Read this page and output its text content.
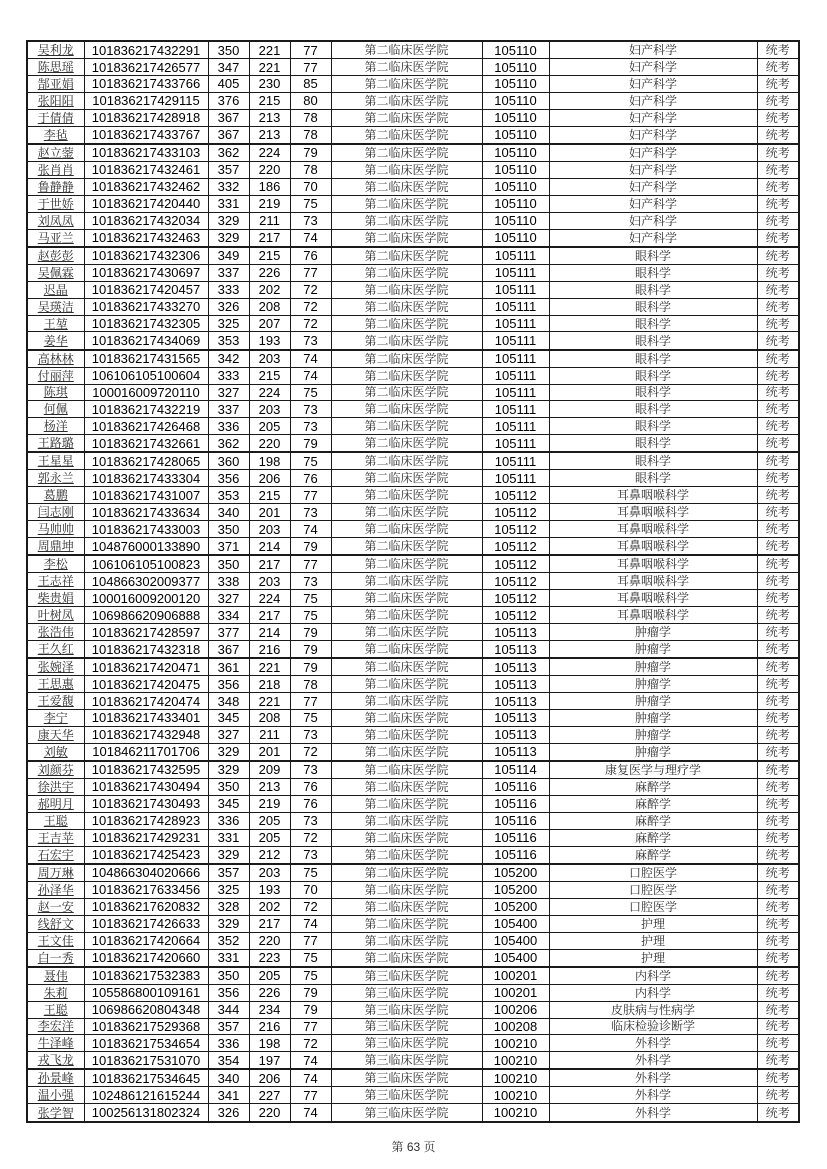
吴利龙	101836217432291	350	221	77	第二临床医学院	105110	妇产科学	统考
陈思瑶	101836217426577	347	221	77	第二临床医学院	105110	妇产科学	统考
郜亚娟	101836217433766	405	230	85	第二临床医学院	105110	妇产科学	统考
张阳阳	101836217429115	376	215	80	第二临床医学院	105110	妇产科学	统考
于倩倩	101836217428918	367	213	78	第二临床医学院	105110	妇产科学	统考
李毡	101836217433767	367	213	78	第二临床医学院	105110	妇产科学	统考
赵立蓥	101836217433103	362	224	79	第二临床医学院	105110	妇产科学	统考
张肖肖	101836217432461	357	220	78	第二临床医学院	105110	妇产科学	统考
鲁静静	101836217432462	332	186	70	第二临床医学院	105110	妇产科学	统考
于世娇	101836217420440	331	219	75	第二临床医学院	105110	妇产科学	统考
刘凤凤	101836217432034	329	211	73	第二临床医学院	105110	妇产科学	统考
马亚兰	101836217432463	329	217	74	第二临床医学院	105110	妇产科学	统考
赵彭彭	101836217432306	349	215	76	第二临床医学院	105111	眼科学	统考
吴佩霖	101836217430697	337	226	77	第二临床医学院	105111	眼科学	统考
迟晶	101836217420457	333	202	72	第二临床医学院	105111	眼科学	统考
吴瑛洁	101836217433270	326	208	72	第二临床医学院	105111	眼科学	统考
王堃	101836217432305	325	207	72	第二临床医学院	105111	眼科学	统考
姜华	101836217434069	353	193	73	第二临床医学院	105111	眼科学	统考
高林林	101836217431565	342	203	74	第二临床医学院	105111	眼科学	统考
付丽萍	106106105100604	333	215	74	第二临床医学院	105111	眼科学	统考
陈琪	100016009720110	327	224	75	第二临床医学院	105111	眼科学	统考
何佩	101836217432219	337	203	73	第二临床医学院	105111	眼科学	统考
杨洋	101836217426468	336	205	73	第二临床医学院	105111	眼科学	统考
王路璐	101836217432661	362	220	79	第二临床医学院	105111	眼科学	统考
王星星	101836217428065	360	198	75	第二临床医学院	105111	眼科学	统考
郭永兰	101836217433304	356	206	76	第二临床医学院	105111	眼科学	统考
葛鹏	101836217431007	353	215	77	第二临床医学院	105112	耳鼻咽喉科学	统考
闫志刚	101836217433634	340	201	73	第二临床医学院	105112	耳鼻咽喉科学	统考
马帅帅	101836217433003	350	203	74	第二临床医学院	105112	耳鼻咽喉科学	统考
周鼎坤	104876000133890	371	214	79	第二临床医学院	105112	耳鼻咽喉科学	统考
李松	106106105100823	350	217	77	第二临床医学院	105112	耳鼻咽喉科学	统考
王志祥	104866302009377	338	203	73	第二临床医学院	105112	耳鼻咽喉科学	统考
柴贵娟	100016009200120	327	224	75	第二临床医学院	105112	耳鼻咽喉科学	统考
叶树凤	106986620906888	334	217	75	第二临床医学院	105112	耳鼻咽喉科学	统考
张浩伟	101836217428597	377	214	79	第二临床医学院	105113	肿瘤学	统考
王久红	101836217432318	367	216	79	第二临床医学院	105113	肿瘤学	统考
张婉泽	101836217420471	361	221	79	第二临床医学院	105113	肿瘤学	统考
王思惠	101836217420475	356	218	78	第二临床医学院	105113	肿瘤学	统考
王爱馥	101836217420474	348	221	77	第二临床医学院	105113	肿瘤学	统考
李宁	101836217433401	345	208	75	第二临床医学院	105113	肿瘤学	统考
康天华	101836217432948	327	211	73	第二临床医学院	105113	肿瘤学	统考
刘敏	101846211701706	329	201	72	第二临床医学院	105113	肿瘤学	统考
刘颜芬	101836217432595	329	209	73	第二临床医学院	105114	康复医学与理疗学	统考
徐洪宇	101836217430494	350	213	76	第二临床医学院	105116	麻醉学	统考
郝明月	101836217430493	345	219	76	第二临床医学院	105116	麻醉学	统考
王聪	101836217428923	336	205	73	第二临床医学院	105116	麻醉学	统考
王吉苹	101836217429231	331	205	72	第二临床医学院	105116	麻醉学	统考
石宏宇	101836217425423	329	212	73	第二临床医学院	105116	麻醉学	统考
周万琳	104866304020666	357	203	75	第二临床医学院	105200	口腔医学	统考
孙泽华	101836217633456	325	193	70	第二临床医学院	105200	口腔医学	统考
赵一安	101836217620832	328	202	72	第二临床医学院	105200	口腔医学	统考
线舒文	101836217426633	329	217	74	第二临床医学院	105400	护理	统考
王文佳	101836217420664	352	220	77	第二临床医学院	105400	护理	统考
白一秀	101836217420660	331	223	75	第二临床医学院	105400	护理	统考
聂伟	101836217532383	350	205	75	第三临床医学院	100201	内科学	统考
朱莉	105586800109161	356	226	79	第三临床医学院	100201	内科学	统考
王聪	106986620804348	344	234	79	第三临床医学院	100206	皮肤病与性病学	统考
李宏洋	101836217529368	357	216	77	第三临床医学院	100208	临床检验诊断学	统考
牛泽峰	101836217534654	336	198	72	第三临床医学院	100210	外科学	统考
戎飞龙	101836217531070	354	197	74	第三临床医学院	100210	外科学	统考
孙景峰	101836217534645	340	206	74	第三临床医学院	100210	外科学	统考
温小强	102486121615244	341	227	77	第三临床医学院	100210	外科学	统考
张学智	100256131802324	326	220	74	第三临床医学院	100210	外科学	统考
第 63 页
